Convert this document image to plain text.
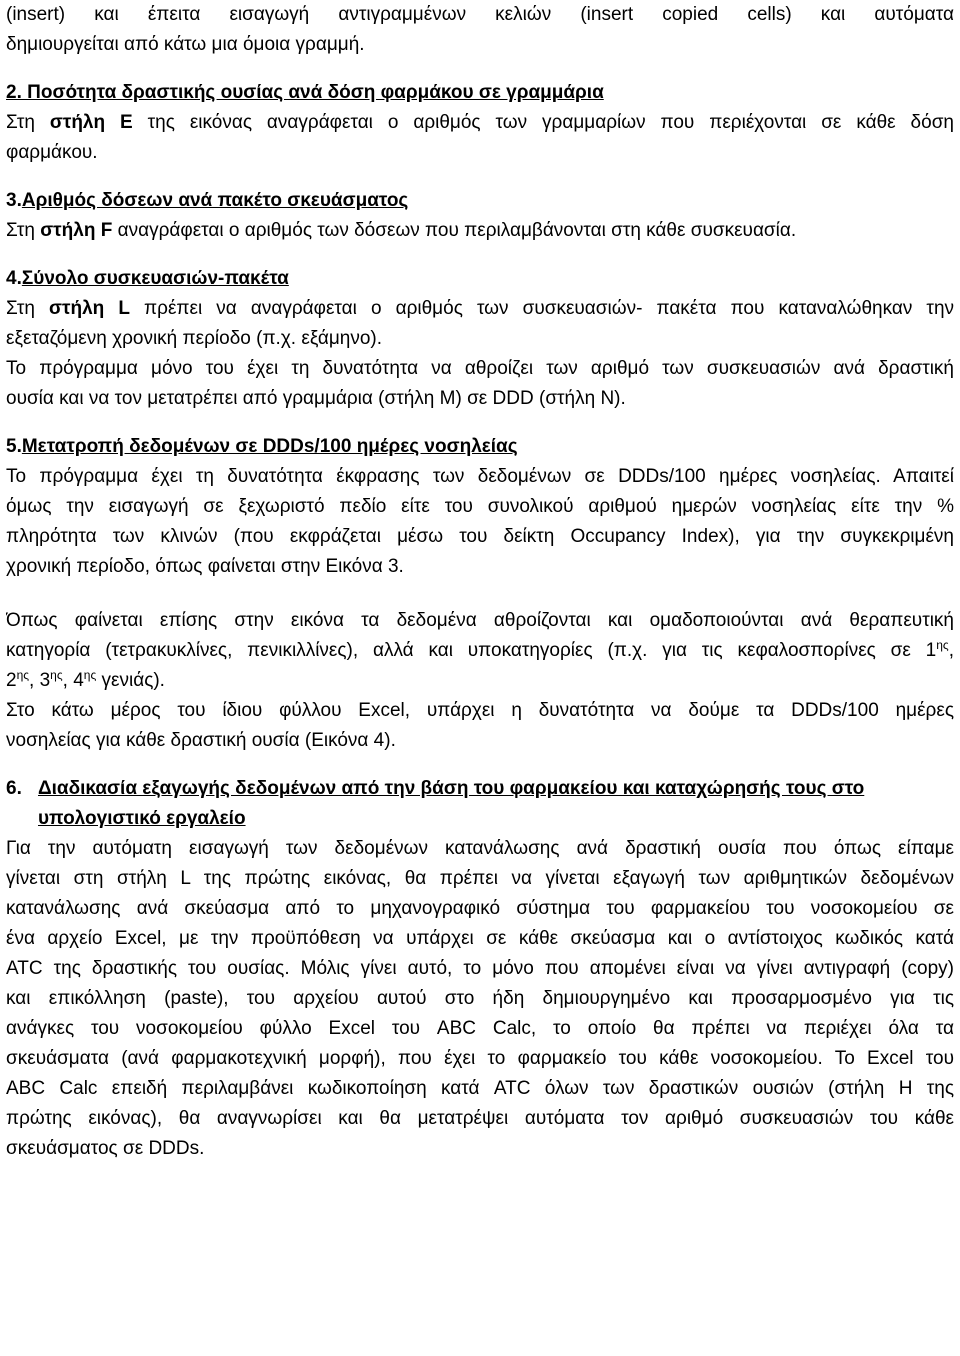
(insert) και έπειτα εισαγωγή αντιγραμμένων κελιών (insert copied cells) και αυτόματα
δημιουργείται από κάτω μια όμοια γραμμή.
2. Ποσότητα δραστικής ουσίας ανά δόση φαρμάκου σε γραμμάρια
Στη στήλη Ε της εικόνας αναγράφεται ο αριθμός των γραμμαρίων που περιέχονται σε κάθε δόση
φαρμάκου.
3.Αριθμός δόσεων ανά πακέτο σκευάσματος
Στη στήλη F αναγράφεται ο αριθμός των δόσεων που περιλαμβάνονται στη κάθε συσκευασία.
4.Σύνολο συσκευασιών-πακέτα
Στη στήλη L πρέπει να αναγράφεται ο αριθμός των συσκευασιών- πακέτα που καταναλώθηκαν την
εξεταζόμενη χρονική περίοδο (π.χ. εξάμηνο).
Το πρόγραμμα μόνο του έχει τη δυνατότητα να αθροίζει των αριθμό των συσκευασιών ανά δραστική
ουσία και να τον μετατρέπει από γραμμάρια (στήλη M) σε DDD (στήλη N).
5.Μετατροπή δεδομένων σε DDDs/100 ημέρες νοσηλείας
Το πρόγραμμα έχει τη δυνατότητα έκφρασης των δεδομένων σε DDDs/100 ημέρες νοσηλείας. Απαιτεί
όμως την εισαγωγή σε ξεχωριστό πεδίο είτε του συνολικού αριθμού ημερών νοσηλείας είτε την %
πληρότητα των κλινών (που εκφράζεται μέσω του δείκτη Occupancy Index), για την συγκεκριμένη
χρονική περίοδο, όπως φαίνεται στην Εικόνα 3.
Όπως φαίνεται επίσης στην εικόνα τα δεδομένα αθροίζονται και ομαδοποιούνται ανά θεραπευτική
κατηγορία (τετρακυκλίνες, πενικιλλίνες), αλλά και υποκατηγορίες (π.χ. για τις κεφαλοσπορίνες σε $1^{\eta\varsigma}$,
$2^{\eta\varsigma}$, $3^{\eta\varsigma}$, $4^{\eta\varsigma}$ γενιάς).
Στο κάτω μέρος του ίδιου φύλλου Excel, υπάρχει η δυνατότητα να δούμε τα DDDs/100 ημέρες
νοσηλείας για κάθε δραστική ουσία (Εικόνα 4).
6. Διαδικασία εξαγωγής δεδομένων από την βάση του φαρμακείου και καταχώρησής τους στο
υπολογιστικό εργαλείο
Για την αυτόματη εισαγωγή των δεδομένων κατανάλωσης ανά δραστική ουσία που όπως είπαμε
γίνεται στη στήλη L της πρώτης εικόνας, θα πρέπει να γίνεται εξαγωγή των αριθμητικών δεδομένων
κατανάλωσης ανά σκεύασμα από το μηχανογραφικό σύστημα του φαρμακείου του νοσοκομείου σε
ένα αρχείο Excel, με την προϋπόθεση να υπάρχει σε κάθε σκεύασμα και ο αντίστοιχος κωδικός κατά
ATC της δραστικής του ουσίας. Μόλις γίνει αυτό, το μόνο που απομένει είναι να γίνει αντιγραφή (copy)
και επικόλληση (paste), του αρχείου αυτού στο ήδη δημιουργημένο και προσαρμοσμένο για τις
ανάγκες του νοσοκομείου φύλλο Excel του ABC Calc, το οποίο θα πρέπει να περιέχει όλα τα
σκευάσματα (ανά φαρμακοτεχνική μορφή), που έχει το φαρμακείο του κάθε νοσοκομείου. Το Excel του
ABC Calc επειδή περιλαμβάνει κωδικοποίηση κατά ATC όλων των δραστικών ουσιών (στήλη H της
πρώτης εικόνας), θα αναγνωρίσει και θα μετατρέψει αυτόματα τον αριθμό συσκευασιών του κάθε
σκευάσματος σε DDDs.
